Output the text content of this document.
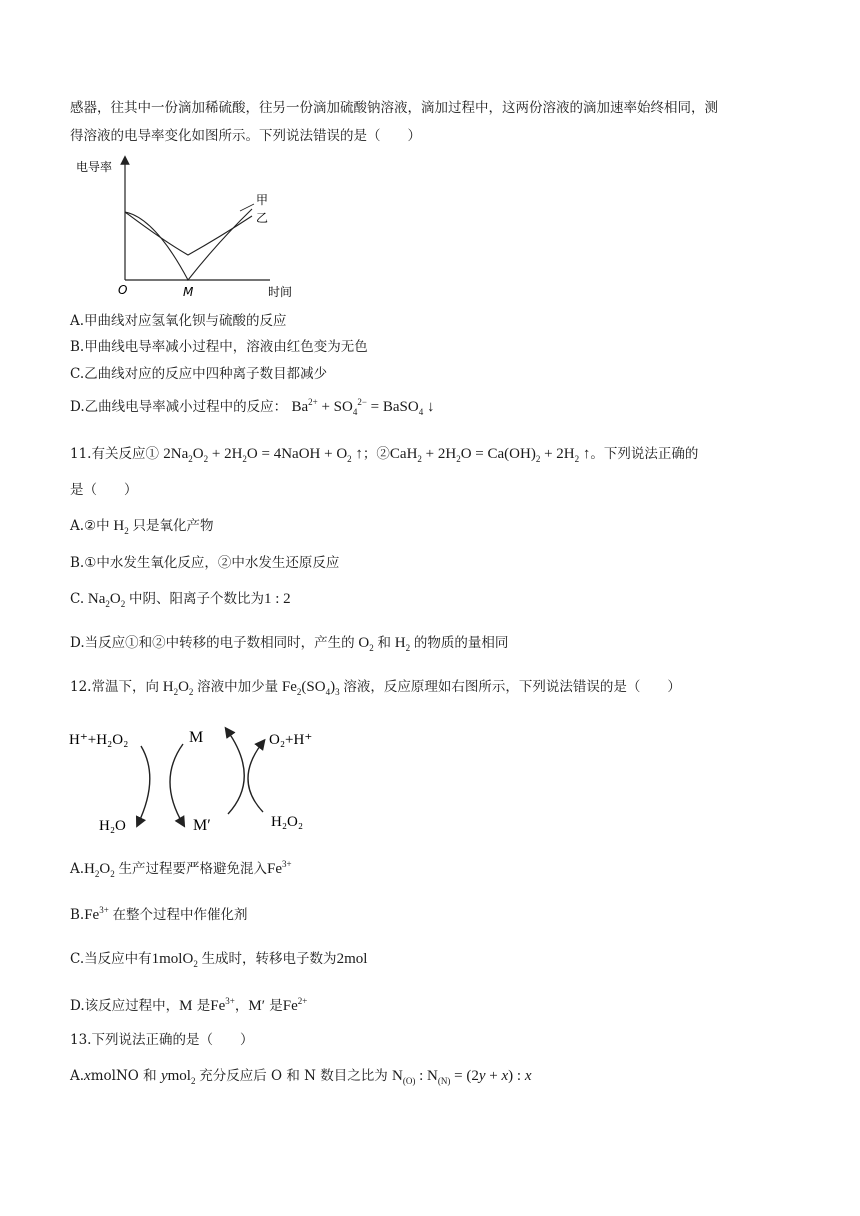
感器，往其中一份滴加稀硫酸，往另一份滴加硫酸钠溶液，滴加过程中，这两份溶液的滴加速率始终相同，测
得溶液的电导率变化如图所示。下列说法错误的是（　　）
电导率
时间
O	M
甲
乙
A.甲曲线对应氢氧化钡与硫酸的反应
B.甲曲线电导率减小过程中，溶液由红色变为无色
C.乙曲线对应的反应中四种离子数目都减少
D.乙曲线电导率减小过程中的反应： $Ba^{2+} + SO_4^{2-}$ = BaSO$_4$ ↓
11.有关反应① $2Na_2O_2 + 2H_2O$ = 4NaOH + $O_2$ ↑；②CaH$_2$ + $2H_2O = Ca(OH)_2 + 2H_2$ ↑。下列说法正确的
是（　　）
A.②中 $H_2$ 只是氧化产物
B.①中水发生氧化反应，②中水发生还原反应
C. $Na_2O_2$ 中阴、阳离子个数比为1 : 2
D.当反应①和②中转移的电子数相同时，产生的 $O_2$ 和 $H_2$ 的物质的量相同
12.常温下，向 $H_2O_2$ 溶液中加少量 $Fe_2(SO_4)_3$ 溶液，反应原理如右图所示，下列说法错误的是（　　）
H⁺+H₂O₂
H₂O
M
M′
O₂+H⁺
H₂O₂
$A.H_2O_2$ 生产过程要严格避免混入$Fe^{3+}$
$B.Fe^{3+}$ 在整个过程中作催化剂
C.当反应中有1molO$_2$ 生成时，转移电子数为2mol
D.该反应过程中，M 是$Fe^{3+}$，M′ 是$Fe^{2+}$
13.下列说法正确的是（　　）
A.xmolNO 和 ymol$_2$ 充分反应后 O 和 N 数目之比为 $N_{(O)}$ : $N_{(N)} = (2y + x)$ : x
